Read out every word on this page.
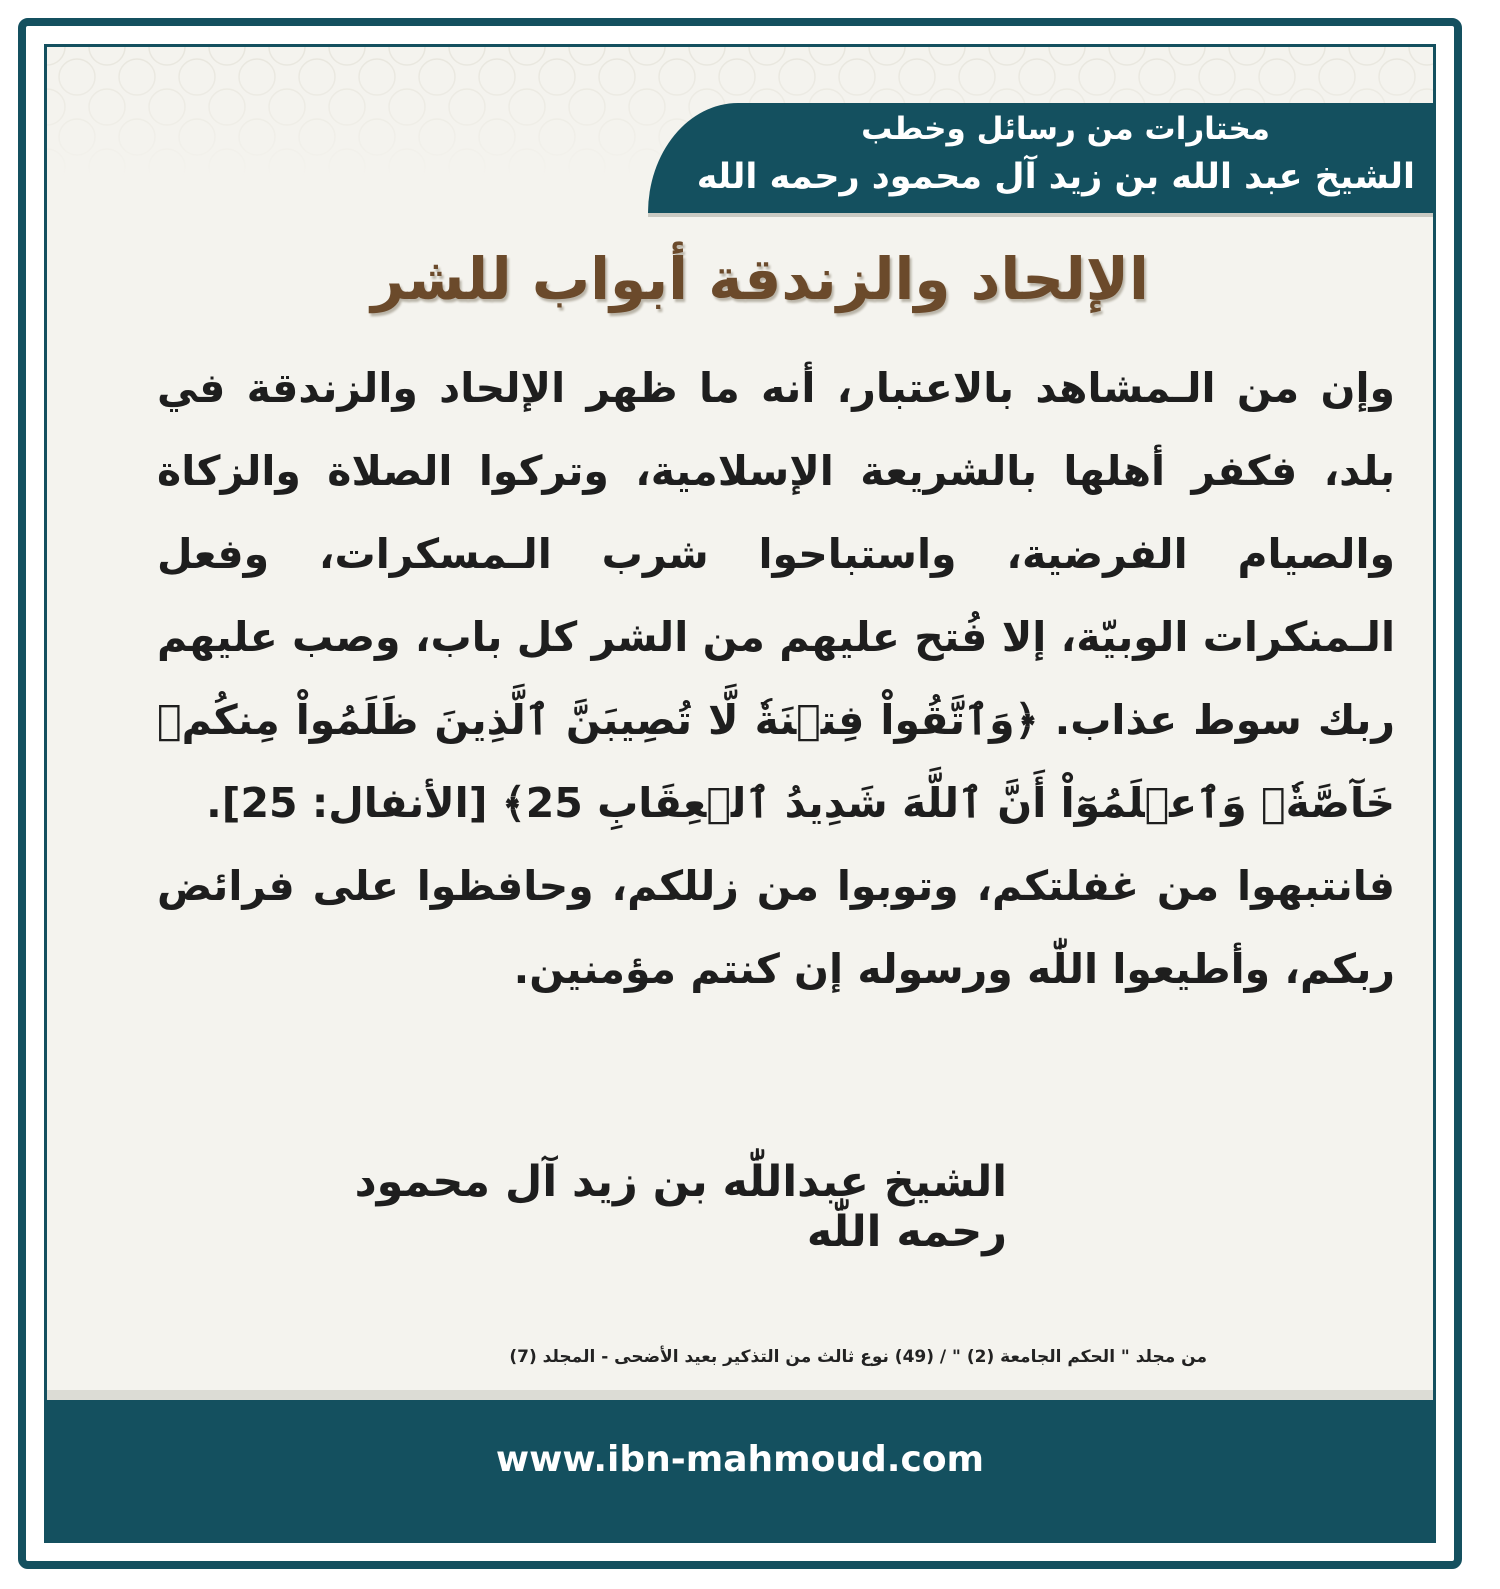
مختارات من رسائل وخطب
الشيخ عبد الله بن زيد آل محمود رحمه الله
الإلحاد والزندقة أبواب للشر

وإن من الـمشاهد بالاعتبار، أنه ما ظهر الإلحاد والزندقة في بلد، فكفر أهلها بالشريعة الإسلامية، وتركوا الصلاة والزكاة والصيام الفرضية، واستباحوا شرب الـمسكرات، وفعل الـمنكرات الوبيّة، إلا فُتح عليهم من الشر كل باب، وصب عليهم ربك سوط عذاب. ﴿وَٱتَّقُواْ فِتۡنَةٗ لَّا تُصِيبَنَّ ٱلَّذِينَ ظَلَمُواْ مِنكُمۡ خَآصَّةٗۖ وَٱعۡلَمُوٓاْ أَنَّ ٱللَّهَ شَدِيدُ ٱلۡعِقَابِ 25﴾ [الأنفال: 25].

فانتبهوا من غفلتكم، وتوبوا من زللكم، وحافظوا على فرائض ربكم، وأطيعوا اللّٰه ورسوله إن كنتم مؤمنين.

الشيخ عبداللّٰه بن زيد آل محمود رحمه اللّٰه
من مجلد " الحكم الجامعة (2) " / (49) نوع ثالث من التذكير بعيد الأضحى - المجلد (7)
www.ibn-mahmoud.com
